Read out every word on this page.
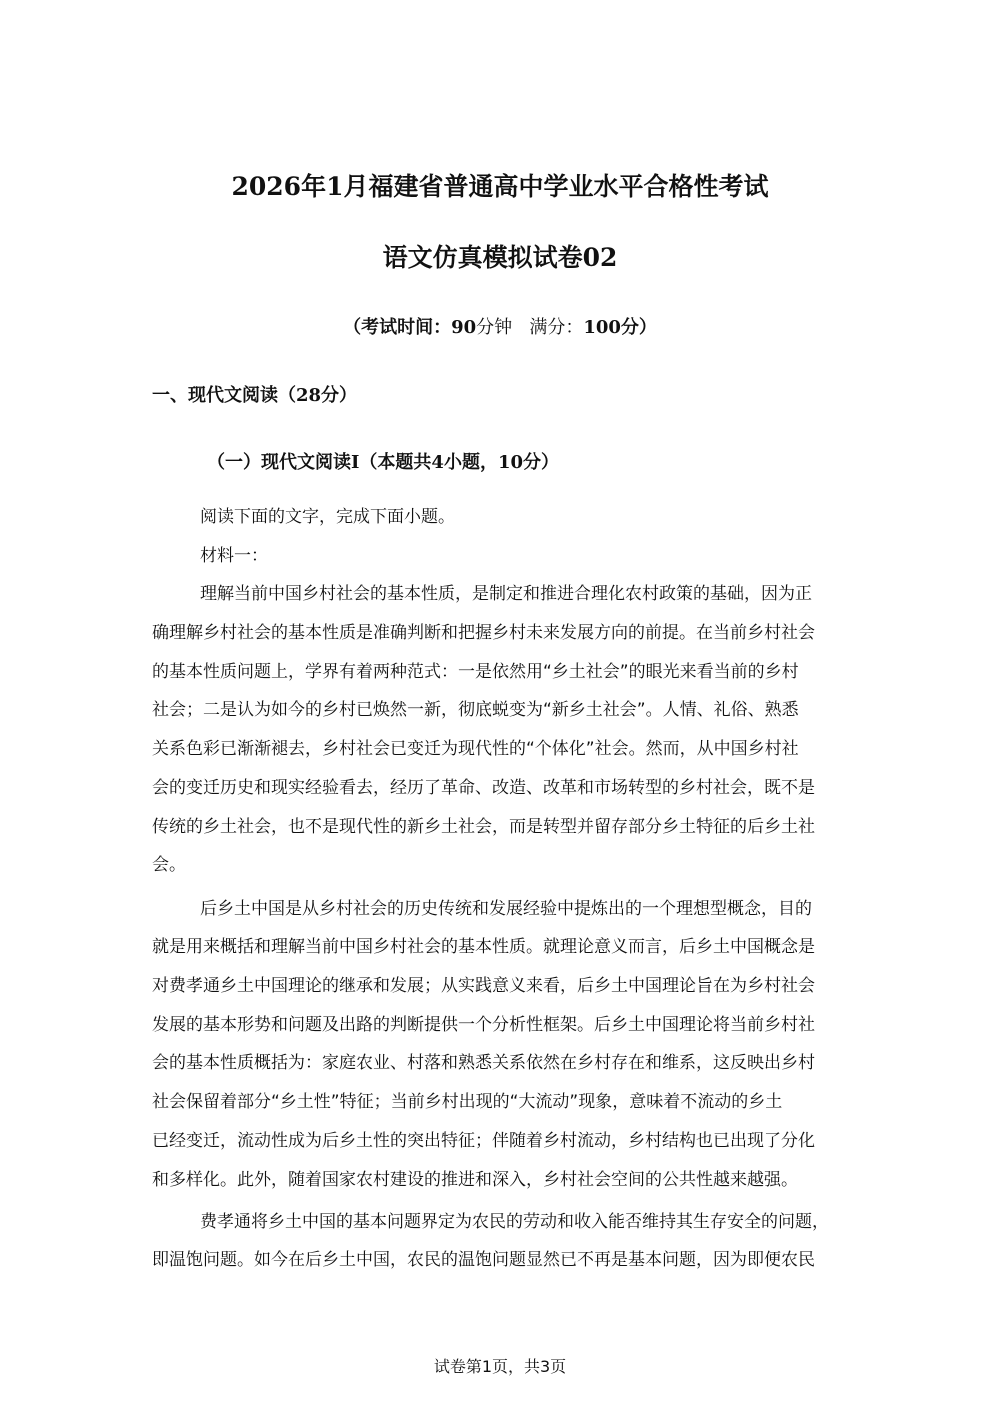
2026年1月福建省普通高中学业水平合格性考试
语文仿真模拟试卷02
（考试时间：90分钟 满分：100分）
一、现代文阅读（28分）
（一）现代文阅读I（本题共4小题，10分）
阅读下面的文字，完成下面小题。
材料一：
理解当前中国乡村社会的基本性质，是制定和推进合理化农村政策的基础，因为正
确理解乡村社会的基本性质是准确判断和把握乡村未来发展方向的前提。在当前乡村社会
的基本性质问题上，学界有着两种范式：一是依然用“乡土社会”的眼光来看当前的乡村
社会；二是认为如今的乡村已焕然一新，彻底蜕变为“新乡土社会”。人情、礼俗、熟悉
关系色彩已渐渐褪去，乡村社会已变迁为现代性的“个体化”社会。然而，从中国乡村社
会的变迁历史和现实经验看去，经历了革命、改造、改革和市场转型的乡村社会，既不是
传统的乡土社会，也不是现代性的新乡土社会，而是转型并留存部分乡土特征的后乡土社
会。
后乡土中国是从乡村社会的历史传统和发展经验中提炼出的一个理想型概念，目的
就是用来概括和理解当前中国乡村社会的基本性质。就理论意义而言，后乡土中国概念是
对费孝通乡土中国理论的继承和发展；从实践意义来看，后乡土中国理论旨在为乡村社会
发展的基本形势和问题及出路的判断提供一个分析性框架。后乡土中国理论将当前乡村社
会的基本性质概括为：家庭农业、村落和熟悉关系依然在乡村存在和维系，这反映出乡村
社会保留着部分“乡土性”特征；当前乡村出现的“大流动”现象，意味着不流动的乡土
已经变迁，流动性成为后乡土性的突出特征；伴随着乡村流动，乡村结构也已出现了分化
和多样化。此外，随着国家农村建设的推进和深入，乡村社会空间的公共性越来越强。
费孝通将乡土中国的基本问题界定为农民的劳动和收入能否维持其生存安全的问题，
即温饱问题。如今在后乡土中国，农民的温饱问题显然已不再是基本问题，因为即便农民
试卷第1页，共3页
